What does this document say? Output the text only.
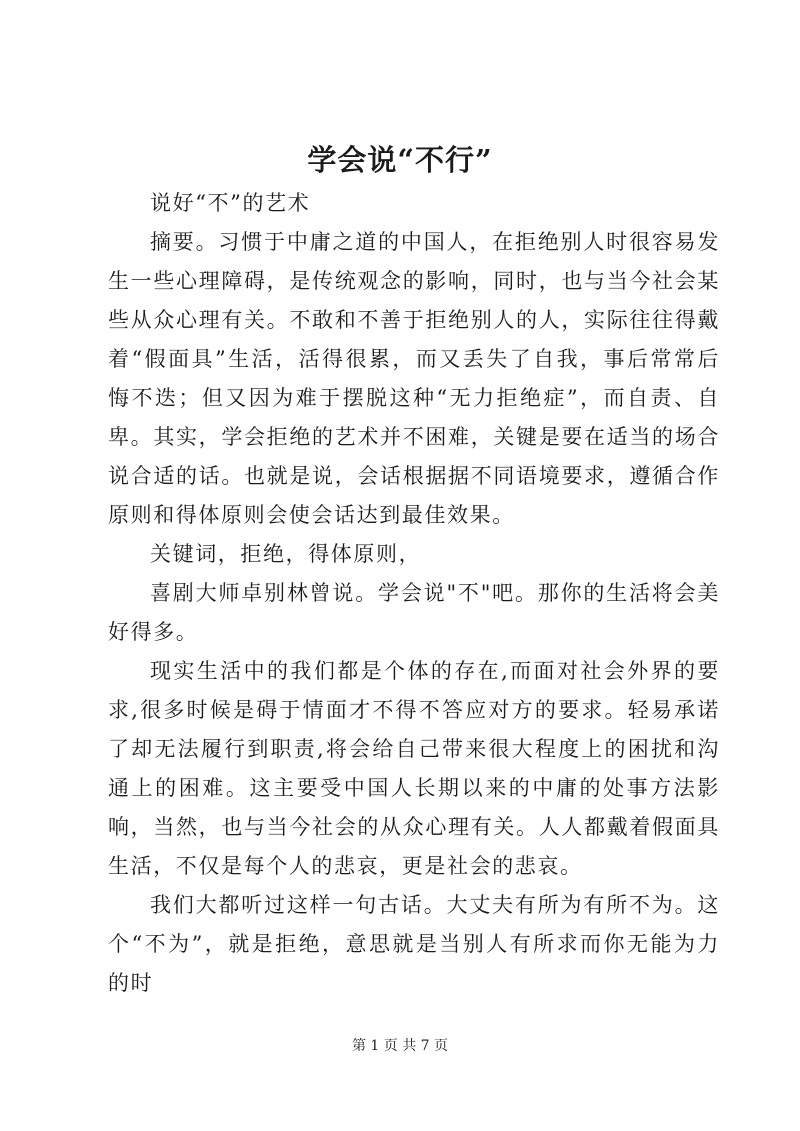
学会说“不行”

说好“不”的艺术

摘要。习惯于中庸之道的中国人，在拒绝别人时很容易发生一些心理障碍，是传统观念的影响，同时，也与当今社会某些从众心理有关。不敢和不善于拒绝别人的人，实际往往得戴着“假面具”生活，活得很累，而又丢失了自我，事后常常后悔不迭；但又因为难于摆脱这种“无力拒绝症”，而自责、自卑。其实，学会拒绝的艺术并不困难，关键是要在适当的场合说合适的话。也就是说，会话根据据不同语境要求，遵循合作原则和得体原则会使会话达到最佳效果。

关键词，拒绝，得体原则，

喜剧大师卓别林曾说。学会说"不"吧。那你的生活将会美好得多。

现实生活中的我们都是个体的存在,而面对社会外界的要求,很多时候是碍于情面才不得不答应对方的要求。轻易承诺了却无法履行到职责,将会给自己带来很大程度上的困扰和沟通上的困难。这主要受中国人长期以来的中庸的处事方法影响，当然，也与当今社会的从众心理有关。人人都戴着假面具生活，不仅是每个人的悲哀，更是社会的悲哀。

我们大都听过这样一句古话。大丈夫有所为有所不为。这个“不为”，就是拒绝，意思就是当别人有所求而你无能为力的时

第 1 页 共 7 页
